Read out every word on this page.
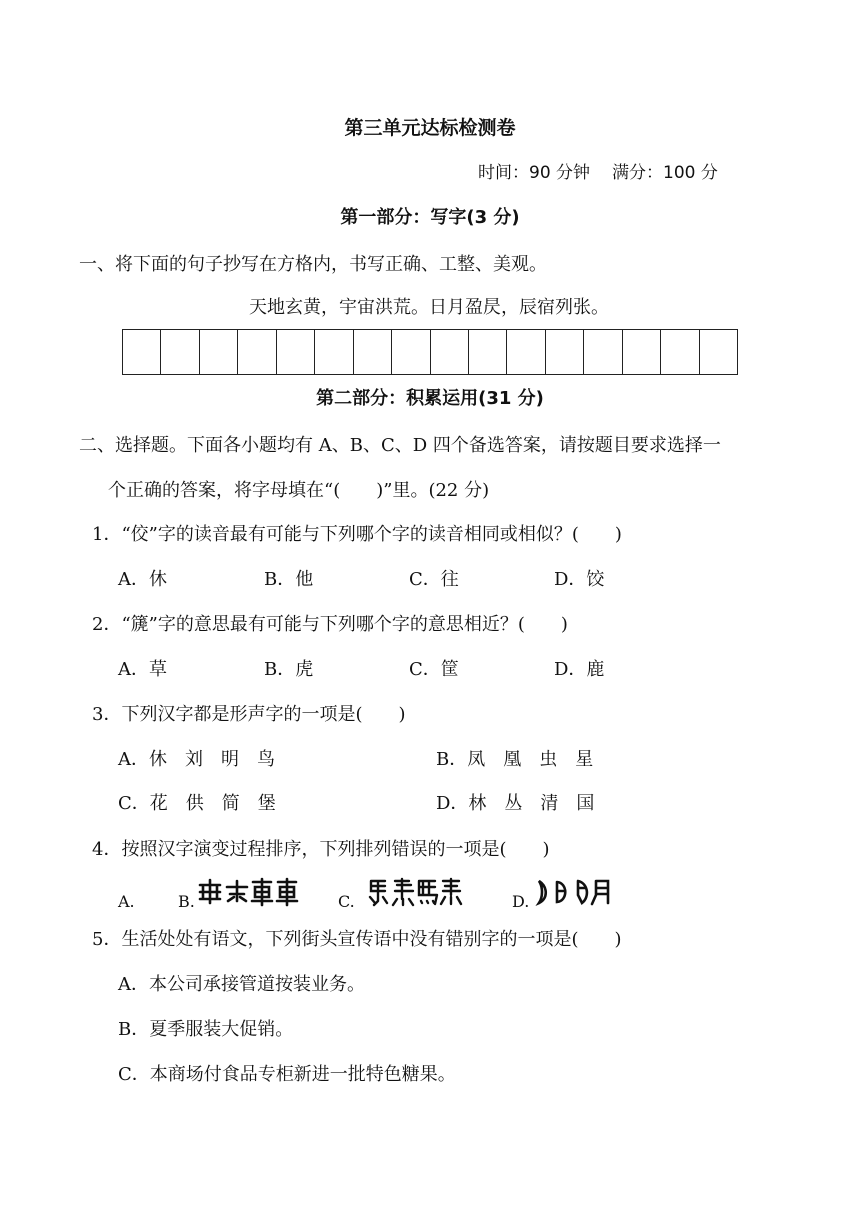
第三单元达标检测卷
时间：90 分钟 满分：100 分
第一部分：写字(3 分)
一、将下面的句子抄写在方格内，书写正确、工整、美观。
天地玄黄，宇宙洪荒。日月盈昃，辰宿列张。
第二部分：积累运用(31 分)
二、选择题。下面各小题均有 A、B、C、D 四个备选答案，请按题目要求选择一
个正确的答案，将字母填在“(　　)”里。(22 分)
1．“佼”字的读音最有可能与下列哪个字的读音相同或相似？(　　)
A．休	B．他	C．往	D．饺
2．“篪”字的意思最有可能与下列哪个字的意思相近？(　　)
A．草	B．虎	C．筐	D．鹿
3．下列汉字都是形声字的一项是(　　)
A．休　刘　明　鸟	B．凤　凰　虫　星
C．花　供　简　堡	D．林　丛　清　国
4．按照汉字演变过程排序，下列排列错误的一项是(　　)
A.	B.	C.	D.
5．生活处处有语文，下列街头宣传语中没有错别字的一项是(　　)
A．本公司承接管道按装业务。
B．夏季服装大促销。
C．本商场付食品专柜新进一批特色糖果。
